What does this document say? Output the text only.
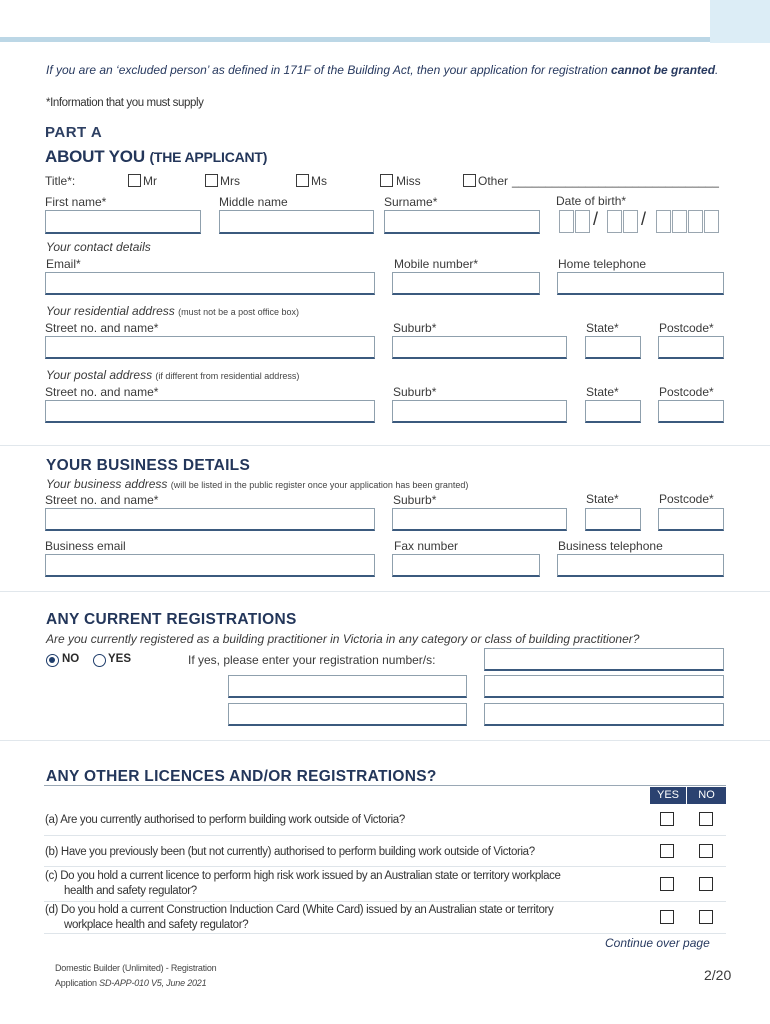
If you are an ‘excluded person’ as defined in 171F of the Building Act, then your application for registration cannot be granted.
*Information that you must supply
PART A
ABOUT YOU (THE APPLICANT)
Title*:	Mr	Mrs	Ms	Miss	Other _______________________________
First name*	Middle name	Surname*	Date of birth*
/ /
Your contact details
Email*	Mobile number*	Home telephone
Your residential address (must not be a post office box)
Street no. and name*	Suburb*	State*	Postcode*
Your postal address (if different from residential address)
Street no. and name*	Suburb*	State*	Postcode*
YOUR BUSINESS DETAILS
Your business address (will be listed in the public register once your application has been granted)
Street no. and name*	Suburb*	State*	Postcode*
Business email	Fax number	Business telephone
ANY CURRENT REGISTRATIONS
Are you currently registered as a building practitioner in Victoria in any category or class of building practitioner?
NO	YES	If yes, please enter your registration number/s:
ANY OTHER LICENCES AND/OR REGISTRATIONS?
YES	NO
(a) Are you currently authorised to perform building work outside of Victoria?
(b) Have you previously been (but not currently) authorised to perform building work outside of Victoria?
(c) Do you hold a current licence to perform high risk work issued by an Australian state or territory workplace
health and safety regulator?
(d) Do you hold a current Construction Induction Card (White Card) issued by an Australian state or territory
workplace health and safety regulator?
Continue over page
Domestic Builder (Unlimited) - Registration
Application SD-APP-010 V5, June 2021	2/20
